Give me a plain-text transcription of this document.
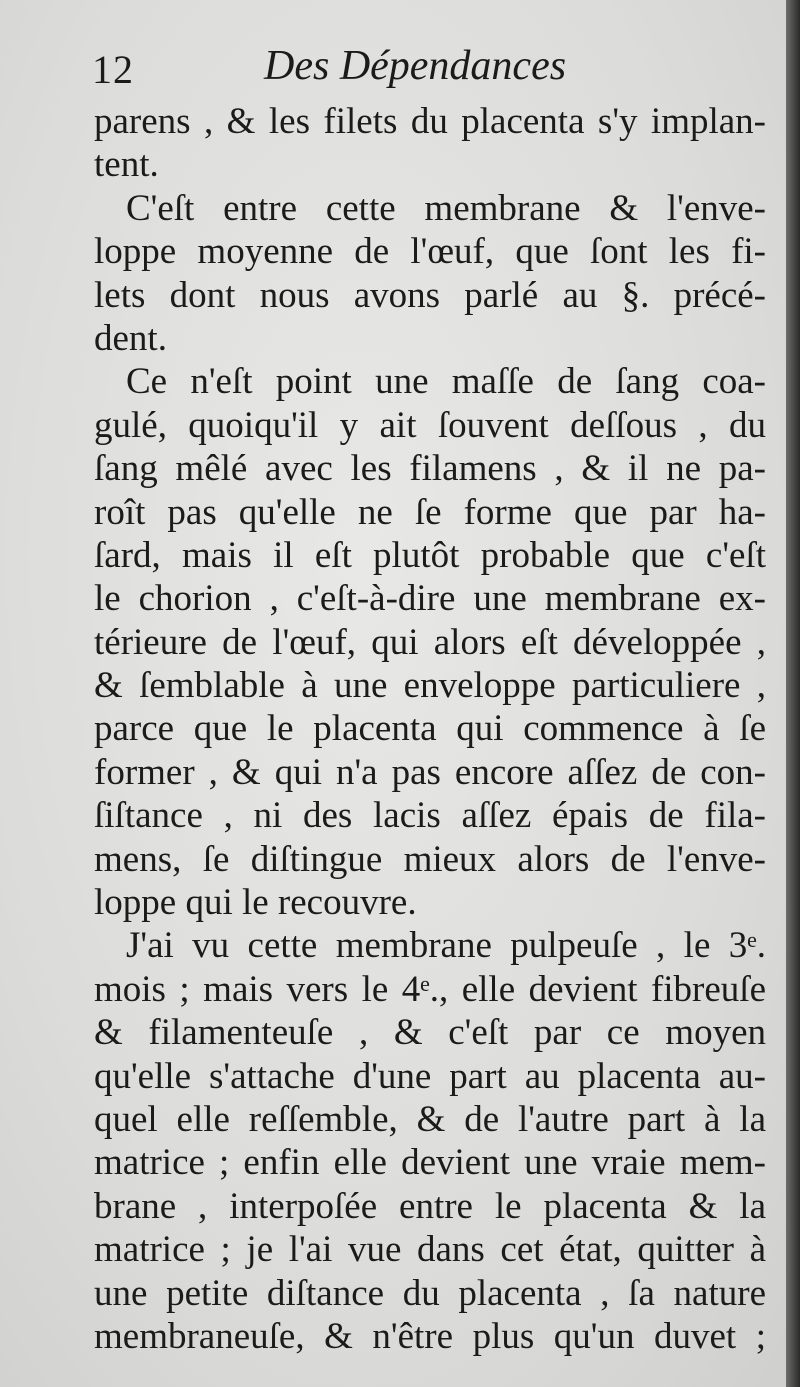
12	Des Dépendances
parens , & les filets du placenta s'y implan-
tent.
C'eſt entre cette membrane & l'enve-
loppe moyenne de l'œuf, que ſont les fi-
lets dont nous avons parlé au §. précé-
dent.
Ce n'eſt point une maſſe de ſang coa-
gulé, quoiqu'il y ait ſouvent deſſous , du
ſang mêlé avec les filamens , & il ne pa-
roît pas qu'elle ne ſe forme que par ha-
ſard, mais il eſt plutôt probable que c'eſt
le chorion , c'eſt-à-dire une membrane ex-
térieure de l'œuf, qui alors eſt développée ,
& ſemblable à une enveloppe particuliere ,
parce que le placenta qui commence à ſe
former , & qui n'a pas encore aſſez de con-
ſiſtance , ni des lacis aſſez épais de fila-
mens, ſe diſtingue mieux alors de l'enve-
loppe qui le recouvre.
J'ai vu cette membrane pulpeuſe , le 3ᵉ.
mois ; mais vers le 4ᵉ., elle devient fibreuſe
& filamenteuſe , & c'eſt par ce moyen
qu'elle s'attache d'une part au placenta au-
quel elle reſſemble, & de l'autre part à la
matrice ; enfin elle devient une vraie mem-
brane , interpoſée entre le placenta & la
matrice ; je l'ai vue dans cet état, quitter à
une petite diſtance du placenta , ſa nature
membraneuſe, & n'être plus qu'un duvet ;
